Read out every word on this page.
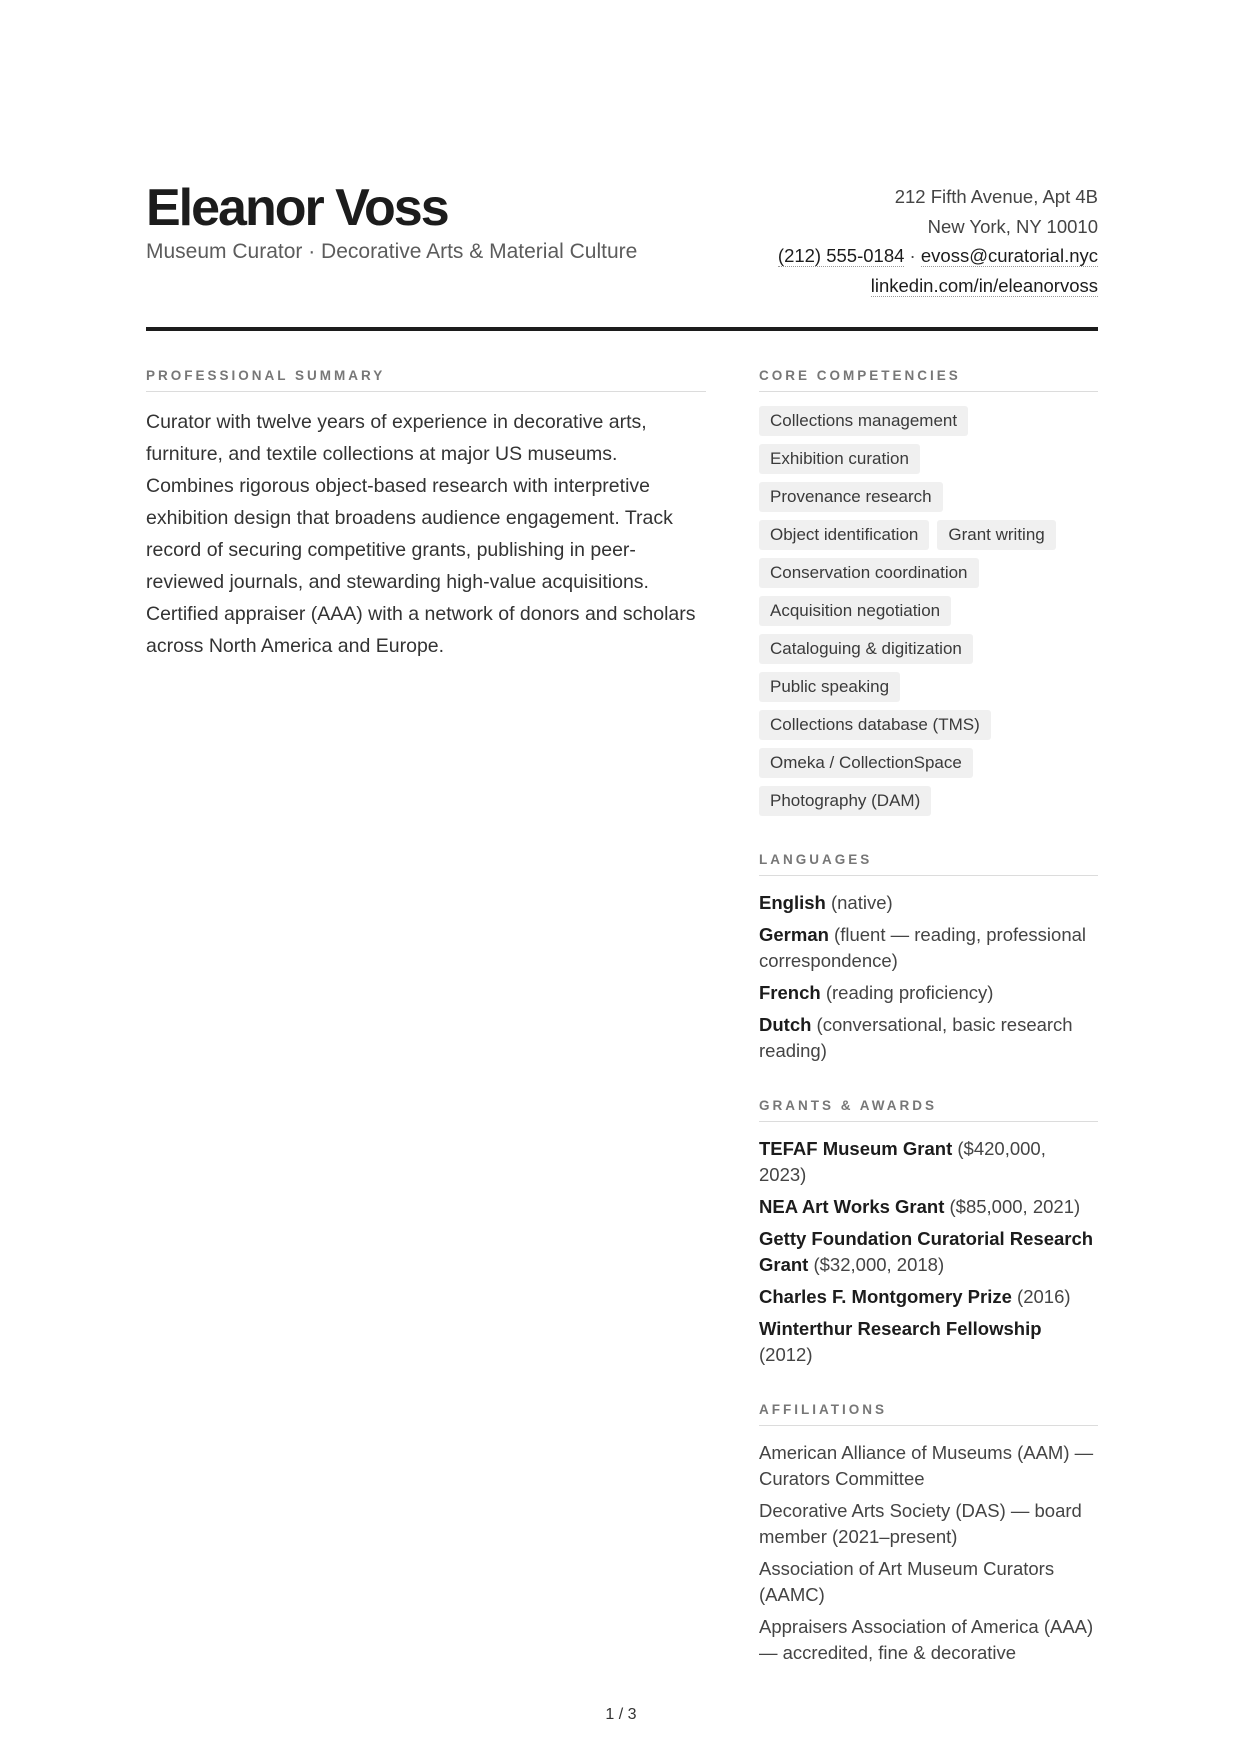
Eleanor Voss
Museum Curator · Decorative Arts & Material Culture
212 Fifth Avenue, Apt 4B
New York, NY 10010
(212) 555-0184 · evoss@curatorial.nyc
linkedin.com/in/eleanorvoss
PROFESSIONAL SUMMARY

Curator with twelve years of experience in decorative arts, furniture, and textile collections at major US museums. Combines rigorous object-based research with interpretive exhibition design that broadens audience engagement. Track record of securing competitive grants, publishing in peer-reviewed journals, and stewarding high-value acquisitions. Certified appraiser (AAA) with a network of donors and scholars across North America and Europe.

CORE COMPETENCIES
Collections management
Exhibition curation
Provenance research
Object identification	Grant writing
Conservation coordination
Acquisition negotiation
Cataloguing & digitization
Public speaking
Collections database (TMS)
Omeka / CollectionSpace
Photography (DAM)
LANGUAGES
English (native)
German (fluent — reading, professional correspondence)
French (reading proficiency)
Dutch (conversational, basic research reading)
GRANTS & AWARDS
TEFAF Museum Grant ($420,000, 2023)
NEA Art Works Grant ($85,000, 2021)
Getty Foundation Curatorial Research Grant ($32,000, 2018)
Charles F. Montgomery Prize (2016)
Winterthur Research Fellowship (2012)
AFFILIATIONS
American Alliance of Museums (AAM) — Curators Committee
Decorative Arts Society (DAS) — board member (2021–present)
Association of Art Museum Curators (AAMC)
Appraisers Association of America (AAA) — accredited, fine & decorative
1 / 3
